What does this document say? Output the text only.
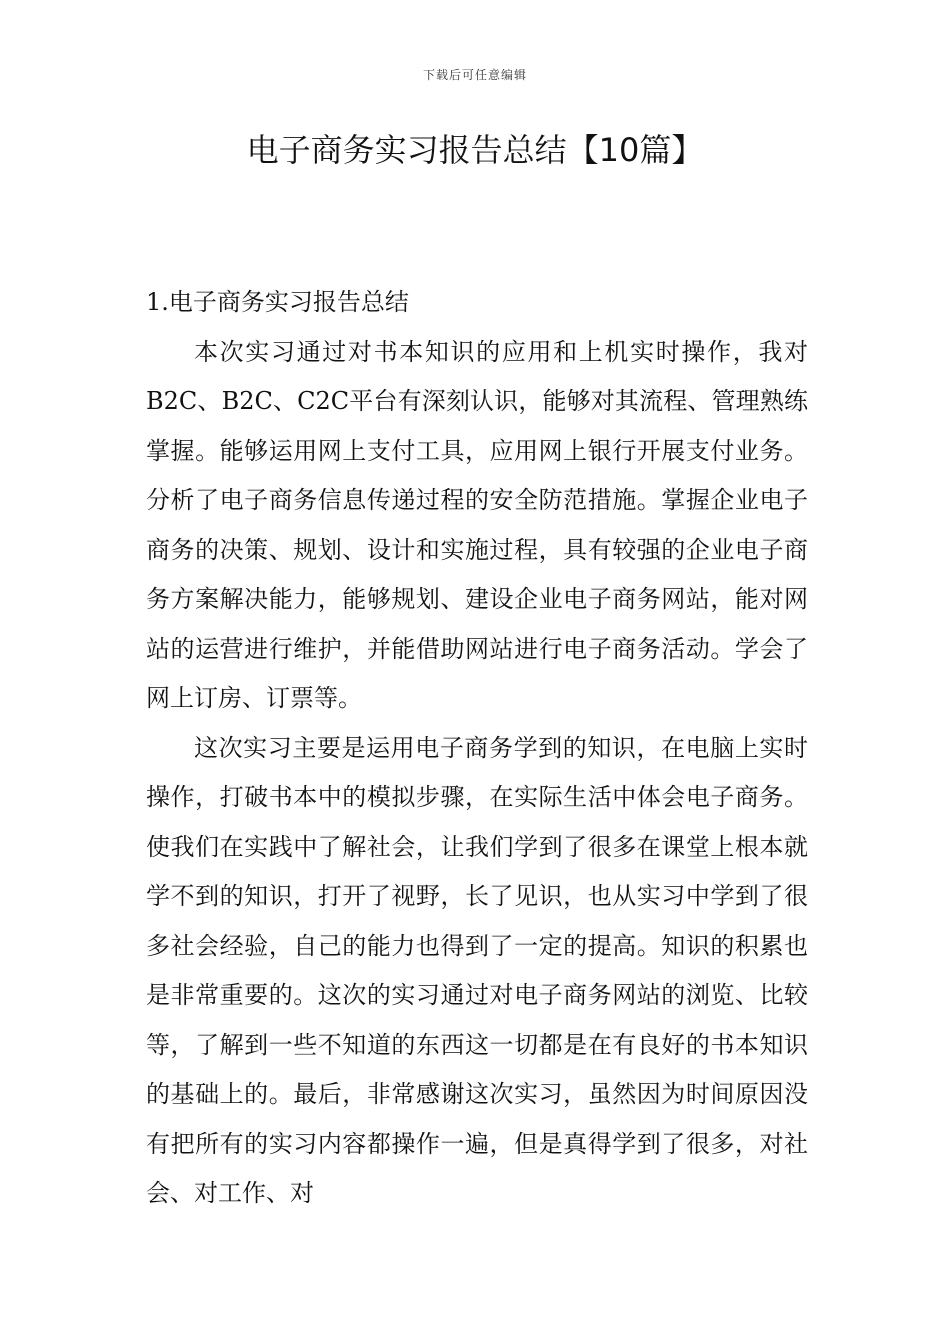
下载后可任意编辑
电子商务实习报告总结【10篇】

1.电子商务实习报告总结

本次实习通过对书本知识的应用和上机实时操作，我对B2C、B2C、C2C平台有深刻认识，能够对其流程、管理熟练掌握。能够运用网上支付工具，应用网上银行开展支付业务。分析了电子商务信息传递过程的安全防范措施。掌握企业电子商务的决策、规划、设计和实施过程，具有较强的企业电子商务方案解决能力，能够规划、建设企业电子商务网站，能对网站的运营进行维护，并能借助网站进行电子商务活动。学会了网上订房、订票等。

这次实习主要是运用电子商务学到的知识，在电脑上实时操作，打破书本中的模拟步骤，在实际生活中体会电子商务。使我们在实践中了解社会，让我们学到了很多在课堂上根本就学不到的知识，打开了视野，长了见识，也从实习中学到了很多社会经验，自己的能力也得到了一定的提高。知识的积累也是非常重要的。这次的实习通过对电子商务网站的浏览、比较等，了解到一些不知道的东西这一切都是在有良好的书本知识的基础上的。最后，非常感谢这次实习，虽然因为时间原因没有把所有的实习内容都操作一遍，但是真得学到了很多，对社会、对工作、对
